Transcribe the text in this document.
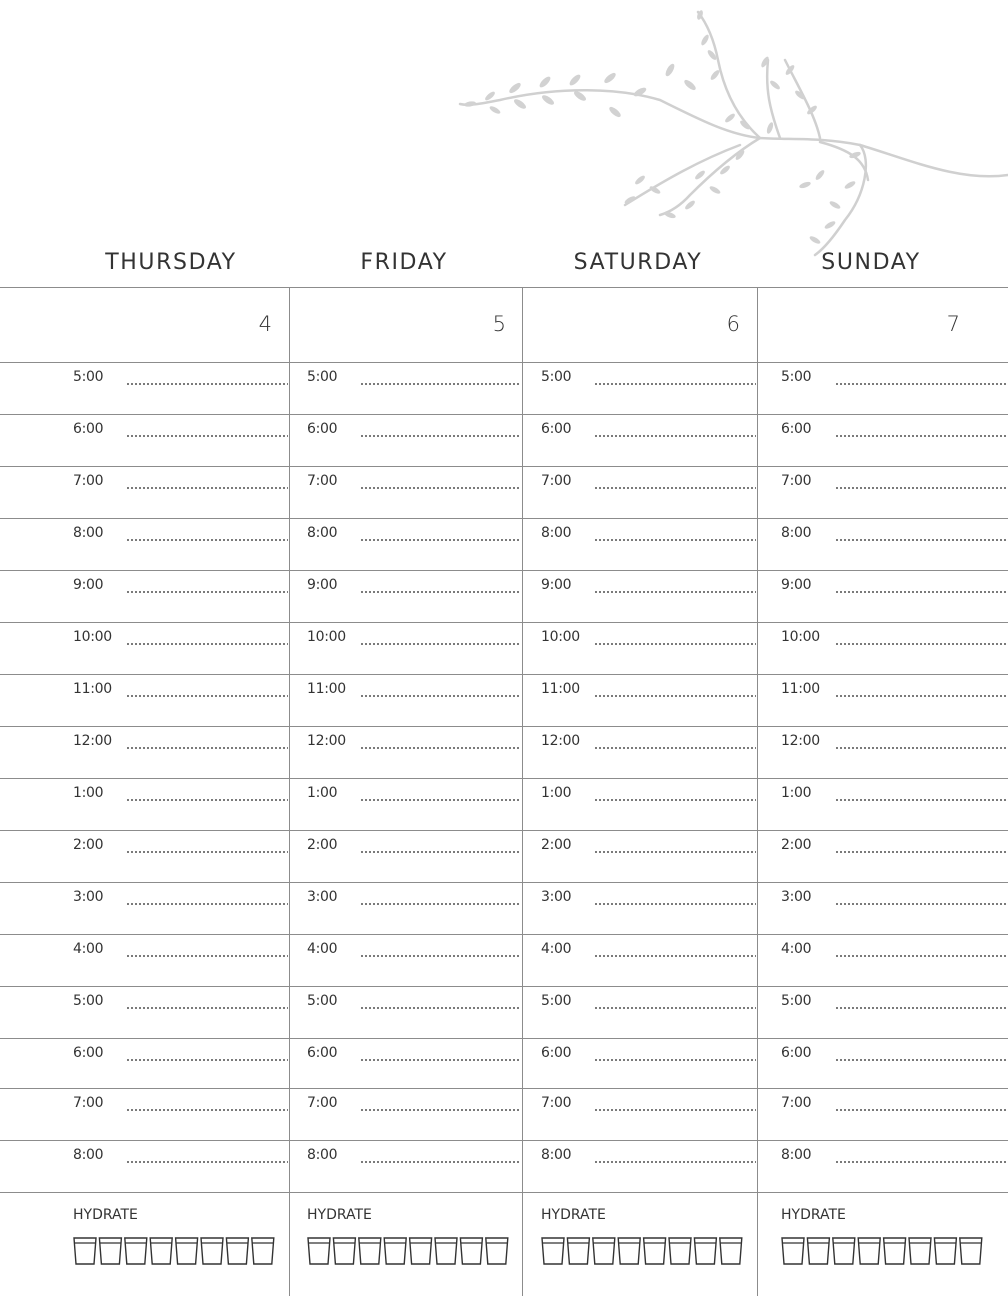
THURSDAY
4
5:00
6:00
7:00
8:00
9:00
10:00
11:00
12:00
1:00
2:00
3:00
4:00
5:00
6:00
7:00
8:00
HYDRATE
FRIDAY
5
5:00
6:00
7:00
8:00
9:00
10:00
11:00
12:00
1:00
2:00
3:00
4:00
5:00
6:00
7:00
8:00
HYDRATE
SATURDAY
6
5:00
6:00
7:00
8:00
9:00
10:00
11:00
12:00
1:00
2:00
3:00
4:00
5:00
6:00
7:00
8:00
HYDRATE
SUNDAY
7
5:00
6:00
7:00
8:00
9:00
10:00
11:00
12:00
1:00
2:00
3:00
4:00
5:00
6:00
7:00
8:00
HYDRATE
